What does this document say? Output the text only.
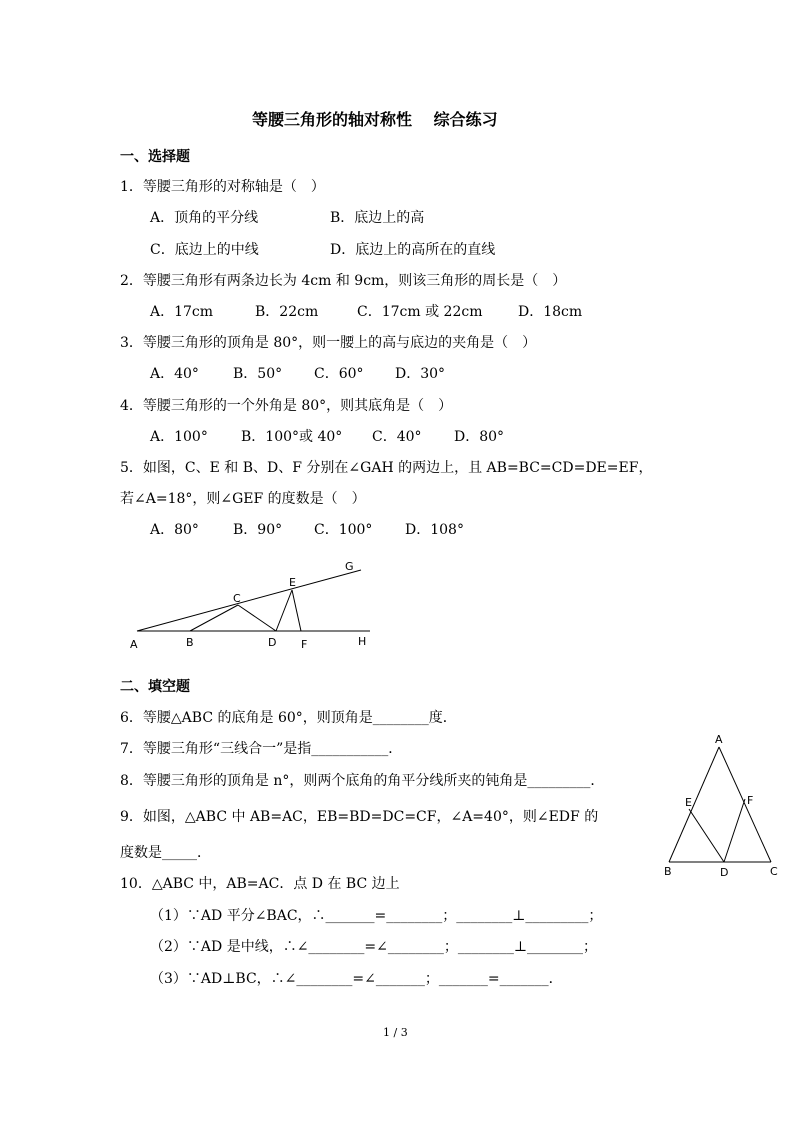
等腰三角形的轴对称性　 综合练习
一、选择题
1．等腰三角形的对称轴是（　）
A．顶角的平分线	B．底边上的高
C．底边上的中线	D．底边上的高所在的直线
2．等腰三角形有两条边长为 4cm 和 9cm，则该三角形的周长是（　）
A．17cm	B．22cm	C．17cm 或 22cm	D．18cm
3．等腰三角形的顶角是 80°，则一腰上的高与底边的夹角是（　）
A．40° B．50° C．60° D．30°
4．等腰三角形的一个外角是 80°，则其底角是（　）
A．100° B．100°或 40° C．40° D．80°
5．如图，C、E 和 B、D、F 分别在∠GAH 的两边上，且 AB=BC=CD=DE=EF，
若∠A=18°，则∠GEF 的度数是（　）
A．80° B．90° C．100° D．108°
A	B
C
D
E
F
G
H
二、填空题
6．等腰△ABC 的底角是 60°，则顶角是________度．
7．等腰三角形“三线合一”是指___________．
8．等腰三角形的顶角是 n°，则两个底角的角平分线所夹的钝角是_________．
9．如图，△ABC 中 AB=AC，EB=BD=DC=CF，∠A=40°，则∠EDF 的
度数是_____．
A
B	C
D
E	F
10．△ABC 中，AB=AC．点 D 在 BC 边上
（1）∵AD 平分∠BAC，∴_______=________；________⊥_________；
（2）∵AD 是中线，∴∠________=∠________；________⊥________；
（3）∵AD⊥BC，∴∠________=∠_______；_______=_______．
1 / 3
